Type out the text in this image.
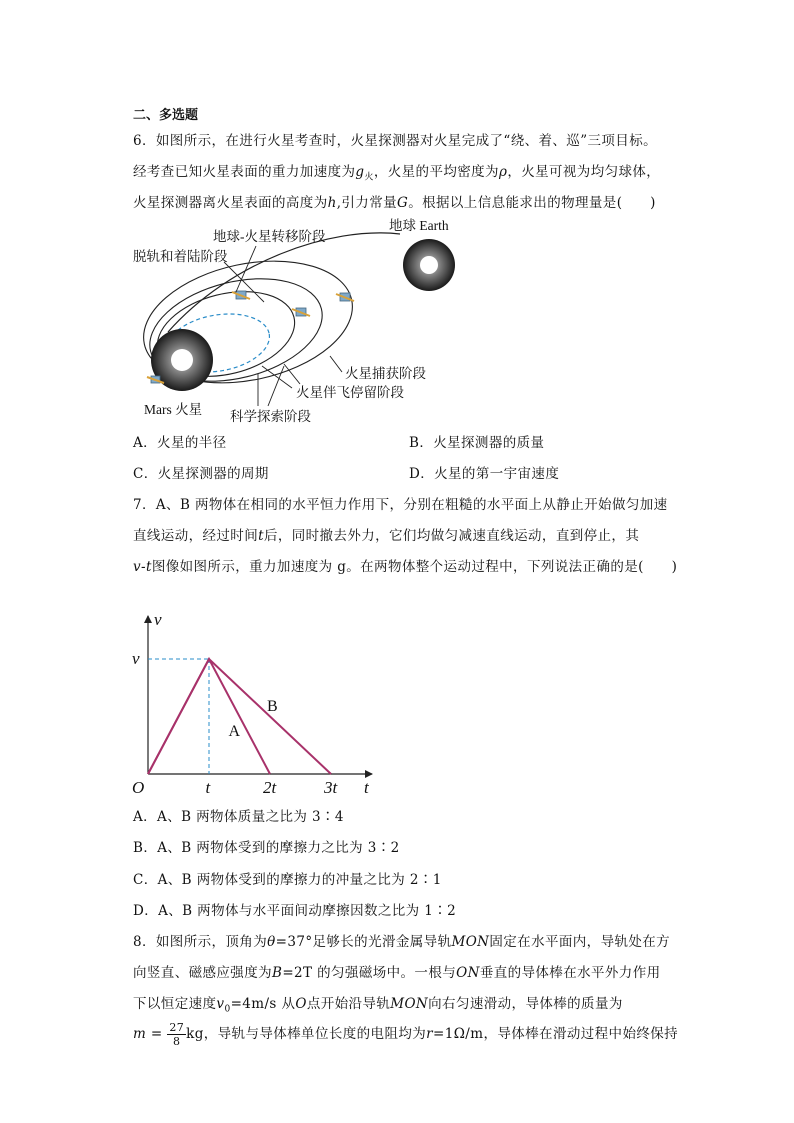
二、多选题
6．如图所示，在进行火星考查时，火星探测器对火星完成了“绕、着、巡”三项目标。
经考查已知火星表面的重力加速度为$g_火$，火星的平均密度为ρ，火星可视为均匀球体，
火星探测器离火星表面的高度为h,引力常量G。根据以上信息能求出的物理量是(　　)
地球 Earth
地球-火星转移阶段
脱轨和着陆阶段
火星捕获阶段
火星伴飞停留阶段
科学探索阶段
Mars 火星
A．火星的半径	B．火星探测器的质量
C．火星探测器的周期	D．火星的第一宇宙速度
7．A、B 两物体在相同的水平恒力作用下，分别在粗糙的水平面上从静止开始做匀加速
直线运动，经过时间t后，同时撤去外力，它们均做匀减速直线运动，直到停止，其
v-t图像如图所示，重力加速度为 g。在两物体整个运动过程中，下列说法正确的是(　　)
A
B
t	2t	3t
v
O	t
v
A．A、B 两物体质量之比为 3∶4
B．A、B 两物体受到的摩擦力之比为 3∶2
C．A、B 两物体受到的摩擦力的冲量之比为 2∶1
D．A、B 两物体与水平面间动摩擦因数之比为 1∶2
8．如图所示，顶角为θ=37°足够长的光滑金属导轨MON固定在水平面内，导轨处在方
向竖直、磁感应强度为B=2T 的匀强磁场中。一根与ON垂直的导体棒在水平外力作用
下以恒定速度$v_0=4m/s$ 从O点开始沿导轨MON向右匀速滑动，导体棒的质量为
$m = \frac{27}{8}$ kg，导轨与导体棒单位长度的电阻均为r=1Ω/m，导体棒在滑动过程中始终保持
